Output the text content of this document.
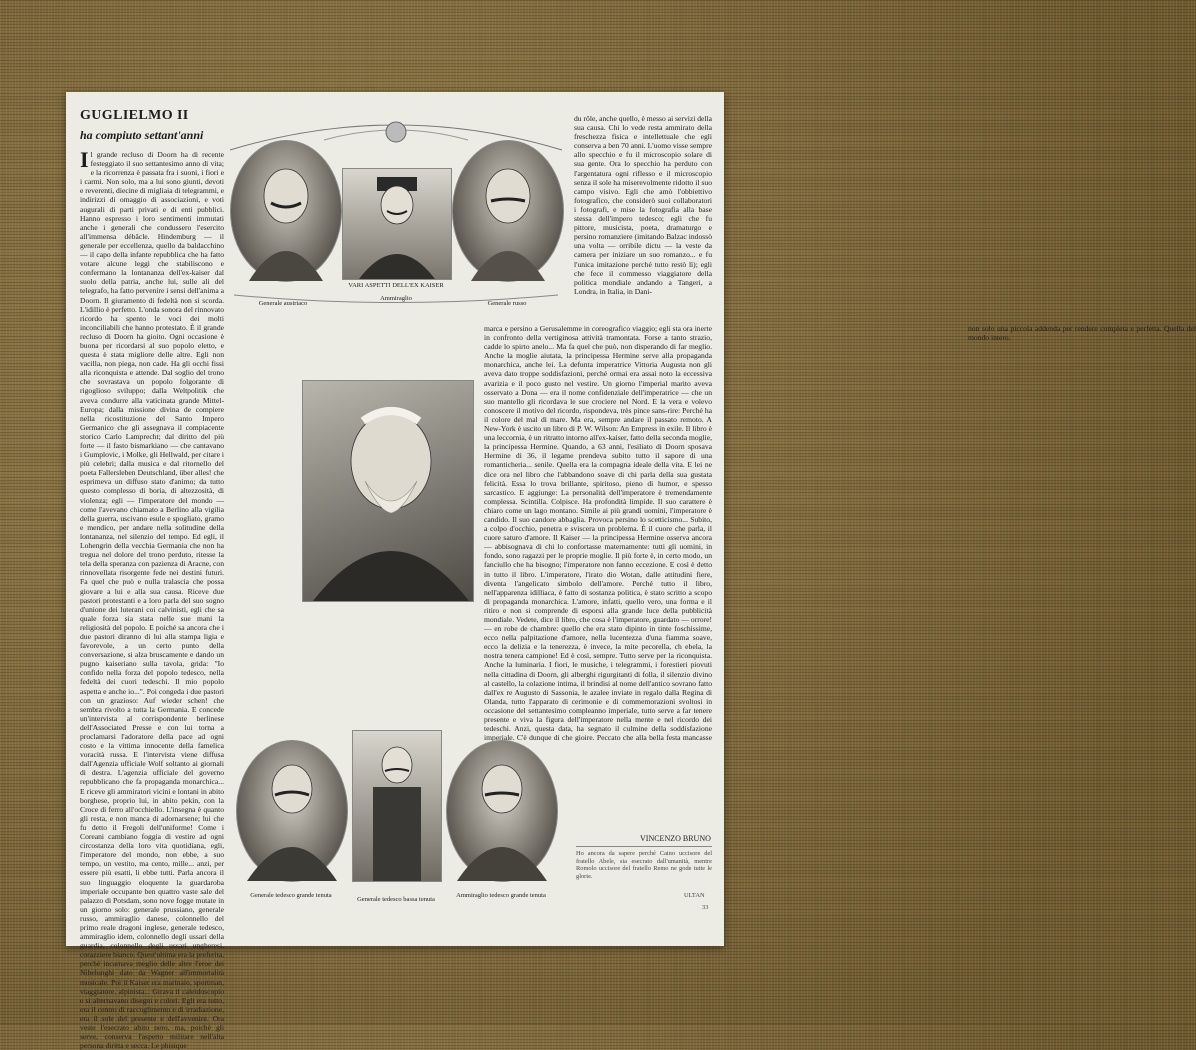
GUGLIELMO II
ha compiuto settant'anni
VARI ASPETTI DELL'EX KAISER
Generale austriaco
Ammiraglio
Generale russo
Il grande recluso di Doorn ha di recente festeggiato il suo settantesimo anno di vita; e la ricorrenza è passata fra i suoni, i fiori e i carmi. Non solo, ma a lui sono giunti, devoti e reverenti, diecine di migliaia di telegrammi, e indirizzi di omaggio di associazioni, e voti augurali di parti privati e di enti pubblici. Hanno espresso i loro sentimenti immutati anche i generali che condussero l'esercito all'immensa débâcle. Hindemburg — il generale per eccellenza, quello da baldacchino — il capo della infante repubblica che ha fatto votare alcune leggi che stabiliscono e confermano la lontananza dell'ex-kaiser dal suolo della patria, anche lui, sulle ali del telegrafo, ha fatto pervenire i sensi dell'anima a Doorn. Il giuramento di fedeltà non si scorda. L'idillio è perfetto. L'onda sonora del rinnovato ricordo ha spento le voci dei molti inconciliabili che hanno protestato. È il grande recluso di Doorn ha gioito. Ogni occasione è buona per ricordarsi al suo popolo eletto, e questa è stata migliore delle altre. Egli non vacilla, non piega, non cade. Ha gli occhi fissi alla riconquista e attende. Dal soglio del trono che sovrastava un popolo folgorante di rigoglioso sviluppo; dalla Weltpolitik che aveva condurre alla vaticinata grande Mittel-Europa; dalla missione divina de compiere nella ricostituzione del Santo Impero Germanico che gli assegnava il compiacente storico Carlo Lamprecht; dal diritto del più forte — il fasto bismarkiano — che cantavano i Gumplovic, i Molke, gli Hellwald, per citare i più celebri; dalla musica e dal ritornello del poeta Fallersleben Deutschland, über alles! che esprimeva un diffuso stato d'animo; da tutto questo complesso di boria, di altezzosità, di violenza; egli — l'imperatore del mondo — come l'avevano chiamato a Berlino alla vigilia della guerra, uscivano esule e spogliato, gramo e mendico, per andare nella solitudine della lontananza, nel silenzio del tempo. Ed egli, il Lohengrin della vecchia Germania che non ha tregua nel dolore del trono perduto, ritesse la tela della speranza con pazienza di Aracne, con rinnovellata risorgente fede nei destini futuri. Fa quel che può e nulla tralascia che possa giovare a lui e alla sua causa. Riceve due pastori protestanti e a loro parla del suo sogno d'unione dei luterani coi calvinisti, egli che sa quale forza sia stata nelle sue mani la religiosità del popolo. E poiché sa ancora che i due pastori diranno di lui alla stampa ligia e favorevole, a un certo punto della conversazione, si alza bruscamente e dando un pugno kaiseriano sulla tavola, grida: "Io confido nella forza del popolo tedesco, nella fedeltà dei cuori tedeschi. Il mio popolo aspetta e anche io...". Poi congeda i due pastori con un grazioso: Auf wieder schen! che sembra rivolto a tutta la Germania. E concede un'intervista al corrispondente berlinese dell'Associated Presse e con lui torna a proclamarsi l'adoratore della pace ad ogni costo e la vittima innocente della famelica voracità russa. E l'intervista viene diffusa dall'Agenzia ufficiale Wolf soltanto ai giornali di destra. L'agenzia ufficiale del governo repubblicano che fa propaganda monarchica... E riceve gli ammiratori vicini e lontani in abito borghese, proprio lui, in abito pekin, con la Croce di ferro all'occhiello. L'insegna è quanto gli resta, e non manca di adornarsene; lui che fu detto il Fregoli dell'uniforme! Come i Coreani cambiano foggia di vestire ad ogni circostanza della loro vita quotidiana, egli, l'imperatore del mondo, non ebbe, a suo tempo, un vestito, ma cento, mille... anzi, per essere più esatti, li ebbe tutti. Parla ancora il suo linguaggio eloquente la guardaroba imperiale occupante ben quattro vaste sale del palazzo di Potsdam, sono nove fogge mutate in un giorno solo: generale prussiano, generale russo, ammiraglio danese, colonnello del primo reale dragoni inglese, generale tedesco, ammiraglio idem, colonnello degli ussari della guardia, colonnello degli ussari ungheresi, corazziere bianco. Quest'ultima era la preferita, perché incarnava meglio delle altre l'eroe dei Nibelunghi dato da Wagner all'immortalità musicale. Poi il Kaiser era marinaio, sportman, viaggiatore, alpinista... Girava il caleidoscopio e si alternavano disegni e colori. Egli era tutto, era il centro di raccoglimento e di irradiazione, era il sole del presente e dell'avvenire. Ora veste l'esecrato abito nero, ma, poiché gli serve, conserva l'aspetto militare nell'alta persona diritta e secca. Le phisique
du rôle, anche quello, è messo ai servizi della sua causa. Chi lo vede resta ammirato della freschezza fisica e intellettuale che egli conserva a ben 70 anni. L'uomo visse sempre allo specchio e fu il microscopio solare di sua gente. Ora lo specchio ha perduto con l'argentatura ogni riflesso e il microscopio senza il sole ha miserevolmente ridotto il suo campo visivo. Egli che amò l'obbiettivo fotografico, che considerò suoi collaboratori i fotografi, e mise la fotografia alla base stessa dell'impero tedesco; egli che fu pittore, musicista, poeta, dramaturgo e persino romanziere (imitando Balzac indossò una volta — orribile dictu — la veste da camera per iniziare un suo romanzo... e fu l'unica imitazione perché tutto restò lì); egli che fece il commesso viaggiatore della politica mondiale andando a Tangeri, a Londra, in Italia, in Dani-
marca e persino a Gerusalemme in coreografico viaggio; egli sta ora inerte in confronto della vertiginosa attività tramontata. Forse a tanto strazio, cadde lo spirto anelo... Ma fa quel che può, non disperando di far meglio. Anche la moglie aiutata, la principessa Hermine serve alla propaganda monarchica, anche lei. La defunta imperatrice Vittoria Augusta non gli aveva dato troppe soddisfazioni, perché ormai era assai noto la eccessiva avarizia e il poco gusto nel vestire. Un giorno l'imperial marito aveva osservato a Dona — era il nome confidenziale dell'imperatrice — che un suo mantello gli ricordava le sue crociere nel Nord. E la vera e volevo conoscere il motivo del ricordo, rispondeva, très pince sans-rire: Perché ha il colore del mal di mare. Ma era, sempre andare il passato remoto. A New-York è uscito un libro di P. W. Wilson: An Empress in exile. Il libro è una leccornia, è un ritratto intorno all'ex-kaiser, fatto della seconda moglie, la principessa Hermine. Quando, a 63 anni, l'esiliato di Doorn sposava Hermine di 36, il legame prendeva subito tutto il sapore di una romanticheria... senile. Quella era la compagna ideale della vita. E lei ne dice ora nel libro che l'abbandono soave di chi parla della sua gustata felicità. Essa lo trova brillante, spiritoso, pieno di humor, e spesso sarcastico. E aggiunge: La personalità dell'imperatore è tremendamente complessa. Scintilla. Colpisce. Ha profondità limpide. Il suo carattere è chiaro come un lago montano. Simile ai più grandi uomini, l'imperatore è candido. Il suo candore abbaglia. Provoca persino lo scetticismo... Subito, a colpo d'occhio, penetra e sviscera un problema. È il cuore che parla, il cuore saturo d'amore. Il Kaiser — la principessa Hermine osserva ancora — abbisognava di chi lo confortasse maternamente: tutti gli uomini, in fondo, sono ragazzi per le proprie moglie. Il più forte è, in certo modo, un fanciullo che ha bisogno; l'imperatore non fanno eccezione. E così è detto in tutto il libro. L'imperatore, l'irato dio Wotan, dalle attitudini fiere, diventa l'angelicato simbolo dell'amore. Perché tutto il libro, nell'apparenza idilliaca, è fatto di sostanza politica, è stato scritto a scopo di propaganda monarchica. L'amore, infatti, quello vero, una forma e il ritiro e non si comprende di esporsi alla grande luce della pubblicità mondiale. Vedete, dice il libro, che cosa è l'imperatore, guardato — orrore! — en robe de chambre: quello che era stato dipinto in tinte foschissime, ecco nella palpitazione d'amore, nella lucentezza d'una fiamma soave, ecco la delizia e la tenerezza, è invece, la mite pecorella, ch ebela, la nostra tenera campione! Ed è così, sempre. Tutto serve per la riconquista. Anche la luminaria. I fiori, le musiche, i telegrammi, i forestieri piovuti nella cittadina di Doorn, gli alberghi rigurgitanti di folla, il silenzio divino al castello, la colazione intima, il brindisi al nome dell'antico sovrano fatto dall'ex re Augusto di Sassonia, le azalee inviate in regalo dalla Regina di Olanda, tutto l'apparato di cerimonie e di commemorazioni svoltosi in occasione del settantesimo compleanno imperiale, tutto serve a far tenere presente e viva la figura dell'imperatore nella mente e nel ricordo dei tedeschi. Anzi, questa data, ha segnato il culmine della soddisfazione imperiale. C'è dunque di che gioire. Peccato che alla bella festa mancasse non solo una piccola addenda per rendere completa e perfetta. Quella del mondo intero.
Generale tedesco grande tenuta
Generale tedesco bassa tenuta
Ammiraglio tedesco grande tenuta
VINCENZO BRUNO
Ho ancora da sapere perché Caino uccisore del fratello Abele, sia esecrato dall'umanità, mentre Romolo uccisore del fratello Remo ne gode tutte le glorie.
ULTAN
33
